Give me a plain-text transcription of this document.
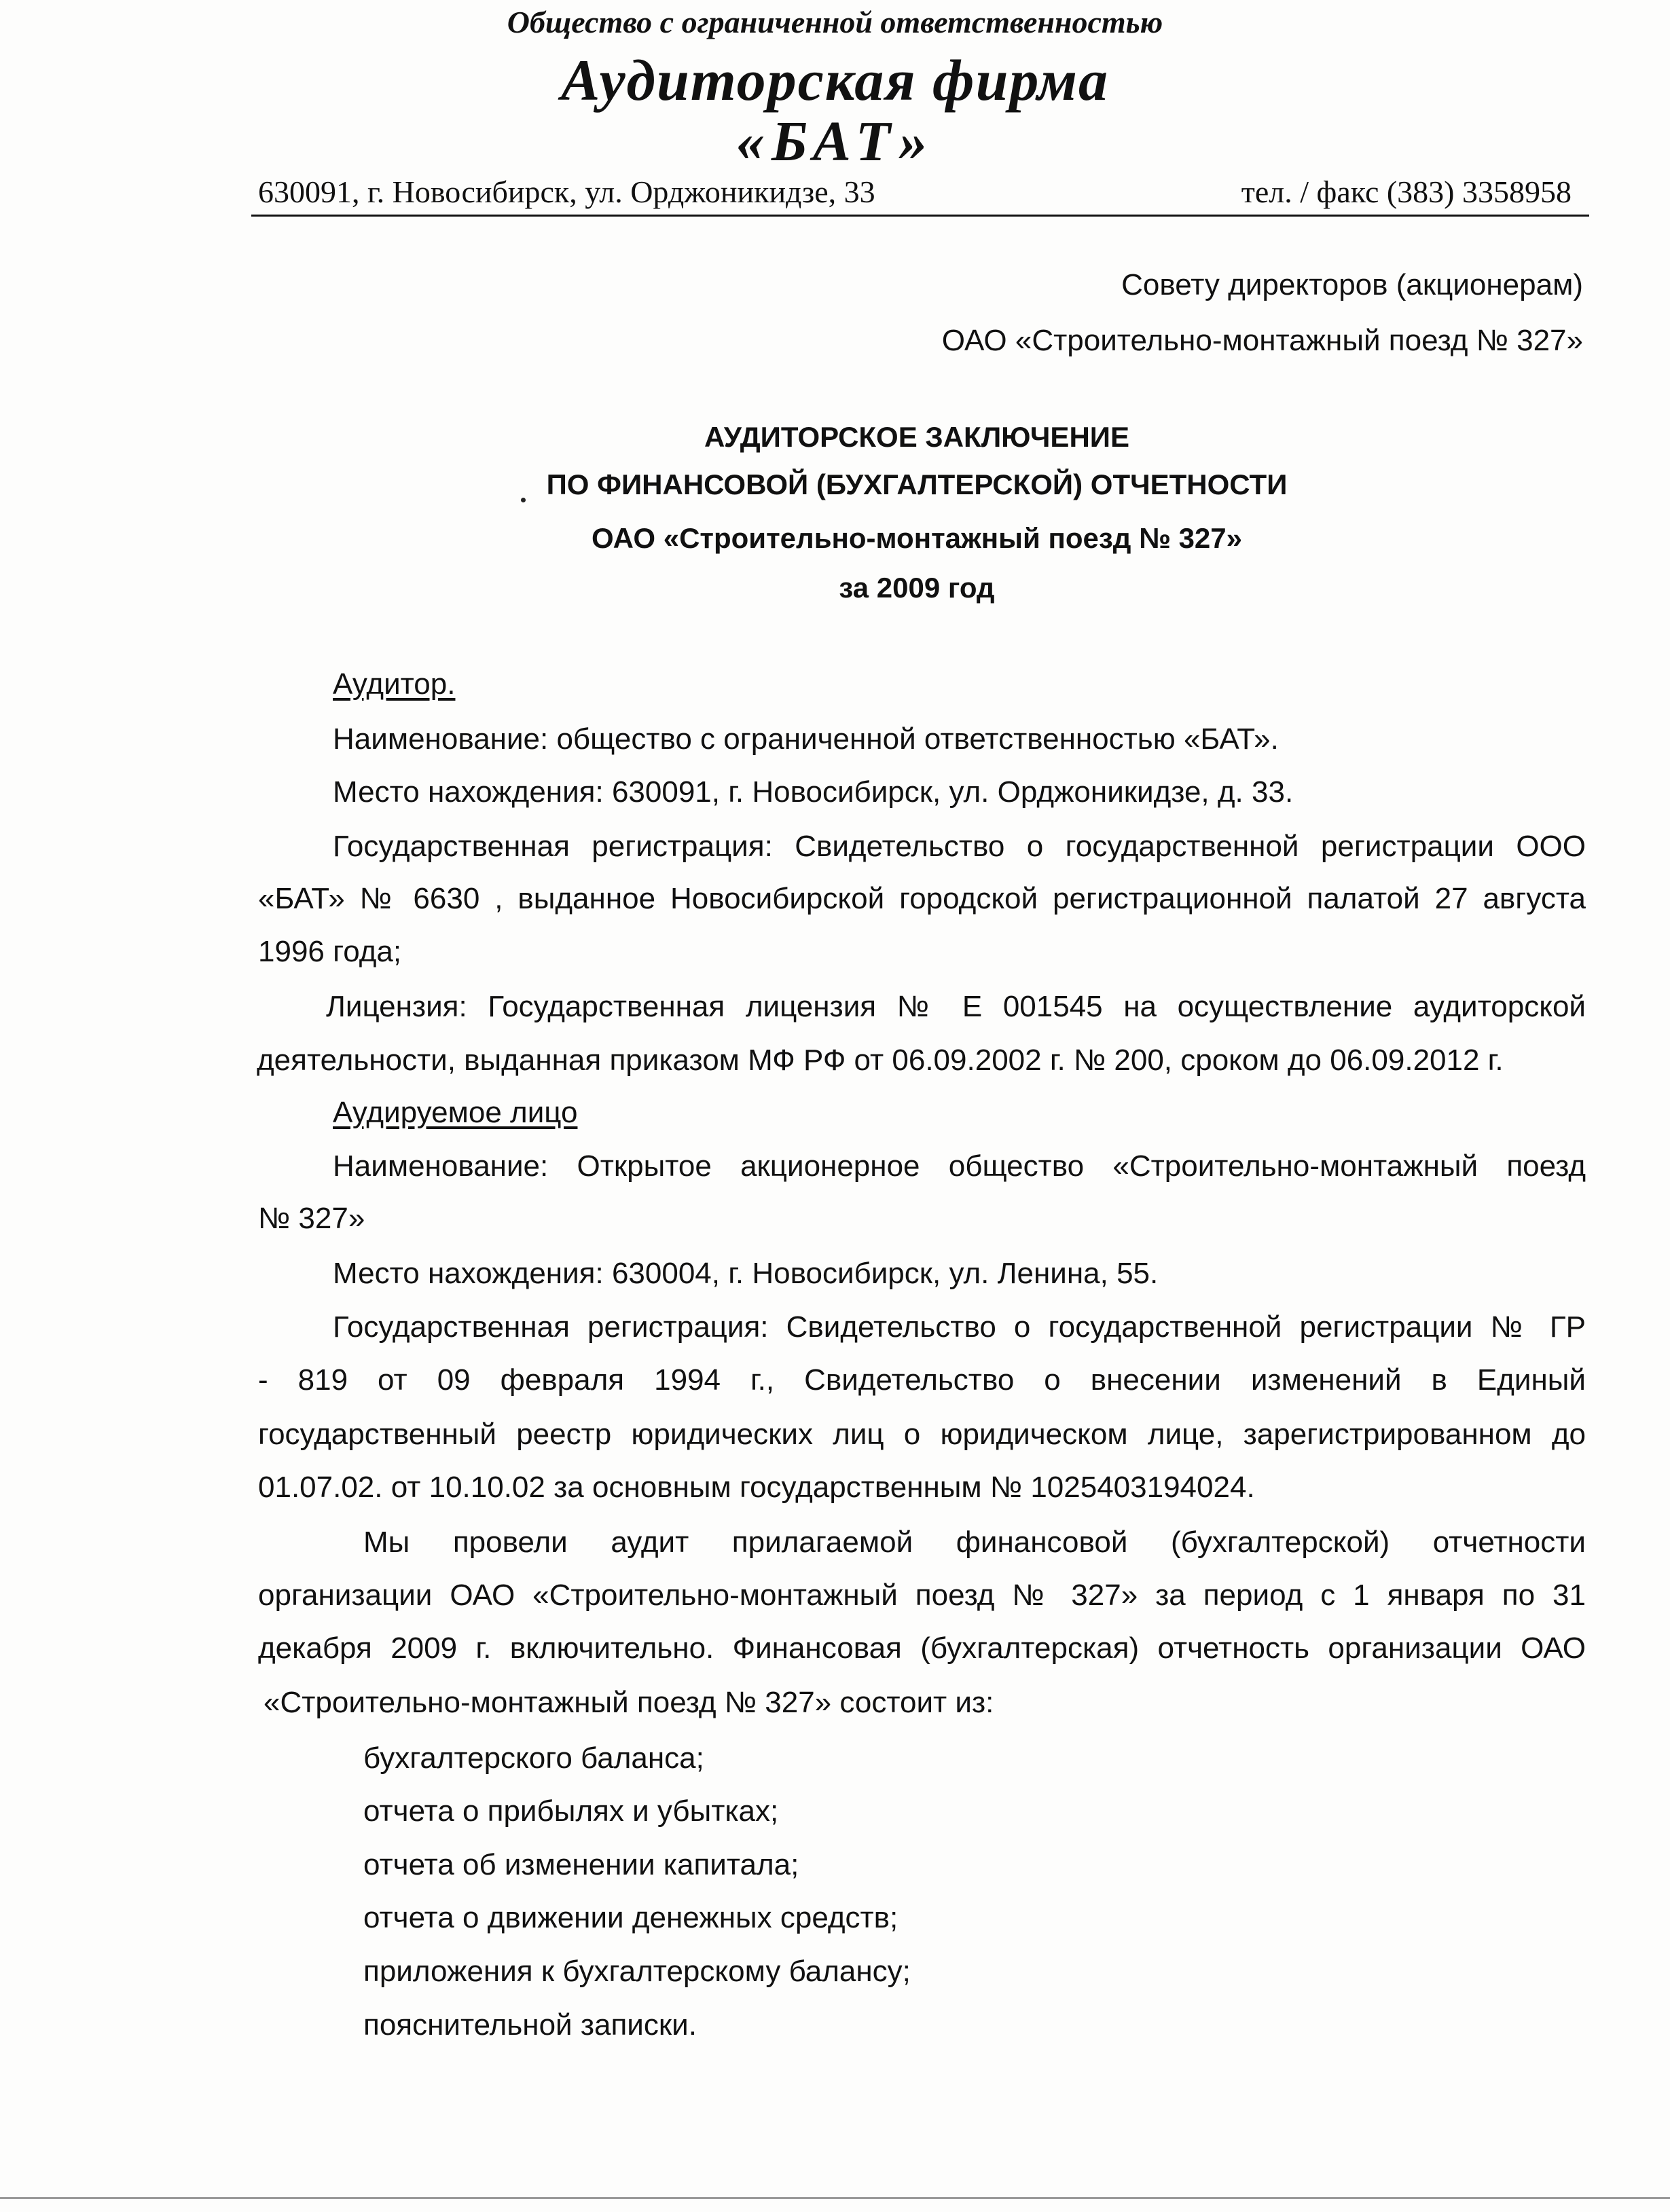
Общество с ограниченной ответственностью
Аудиторская фирма
«БАТ»
630091, г. Новосибирск, ул. Орджоникидзе, 33	тел. / факс (383) 3358958
Совету директоров (акционерам)
ОАО «Строительно-монтажный поезд № 327»
АУДИТОРСКОЕ ЗАКЛЮЧЕНИЕ
ПО ФИНАНСОВОЙ (БУХГАЛТЕРСКОЙ) ОТЧЕТНОСТИ
ОАО «Строительно-монтажный поезд № 327»
за 2009 год
Аудитор.
Наименование: общество с ограниченной ответственностью «БАТ».
Место нахождения: 630091, г. Новосибирск, ул. Орджоникидзе, д. 33.
Государственная регистрация: Свидетельство о государственной регистрации ООО
«БАТ» № 6630 , выданное Новосибирской городской регистрационной палатой 27 августа
1996 года;
Лицензия: Государственная лицензия № Е 001545 на осуществление аудиторской
деятельности, выданная приказом МФ РФ от 06.09.2002 г. № 200, сроком до 06.09.2012 г.
Аудируемое лицо
Наименование: Открытое акционерное общество «Строительно-монтажный поезд
№ 327»
Место нахождения: 630004, г. Новосибирск, ул. Ленина, 55.
Государственная регистрация: Свидетельство о государственной регистрации № ГР
- 819 от 09 февраля 1994 г., Свидетельство о внесении изменений в Единый
государственный реестр юридических лиц о юридическом лице, зарегистрированном до
01.07.02. от 10.10.02 за основным государственным № 1025403194024.
Мы провели аудит прилагаемой финансовой (бухгалтерской) отчетности
организации ОАО «Строительно-монтажный поезд № 327» за период с 1 января по 31
декабря 2009 г. включительно. Финансовая (бухгалтерская) отчетность организации ОАО
«Строительно-монтажный поезд № 327» состоит из:
бухгалтерского баланса;
отчета о прибылях и убытках;
отчета об изменении капитала;
отчета о движении денежных средств;
приложения к бухгалтерскому балансу;
пояснительной записки.
